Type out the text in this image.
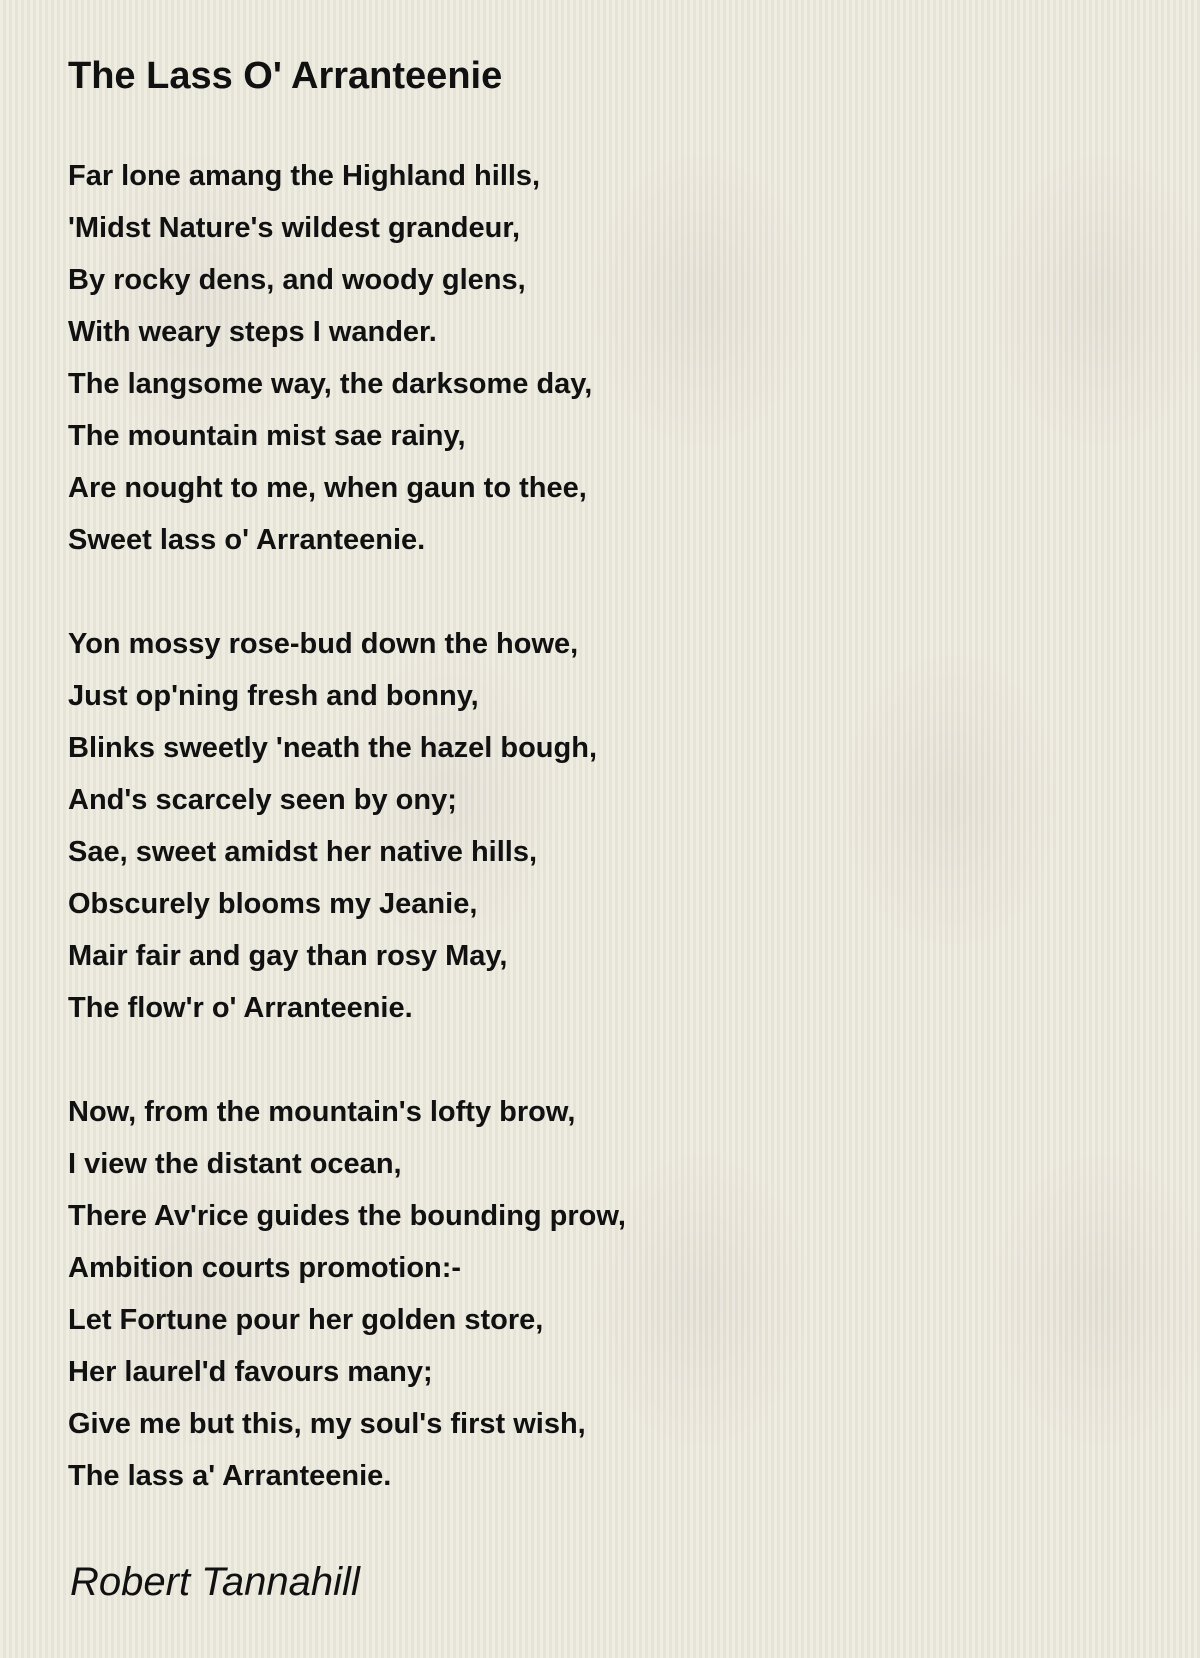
The Lass O' Arranteenie
Far lone amang the Highland hills,
'Midst Nature's wildest grandeur,
By rocky dens, and woody glens,
With weary steps I wander.
The langsome way, the darksome day,
The mountain mist sae rainy,
Are nought to me, when gaun to thee,
Sweet lass o' Arranteenie.
Yon mossy rose-bud down the howe,
Just op'ning fresh and bonny,
Blinks sweetly 'neath the hazel bough,
And's scarcely seen by ony;
Sae, sweet amidst her native hills,
Obscurely blooms my Jeanie,
Mair fair and gay than rosy May,
The flow'r o' Arranteenie.
Now, from the mountain's lofty brow,
I view the distant ocean,
There Av'rice guides the bounding prow,
Ambition courts promotion:-
Let Fortune pour her golden store,
Her laurel'd favours many;
Give me but this, my soul's first wish,
The lass a' Arranteenie.
Robert Tannahill
